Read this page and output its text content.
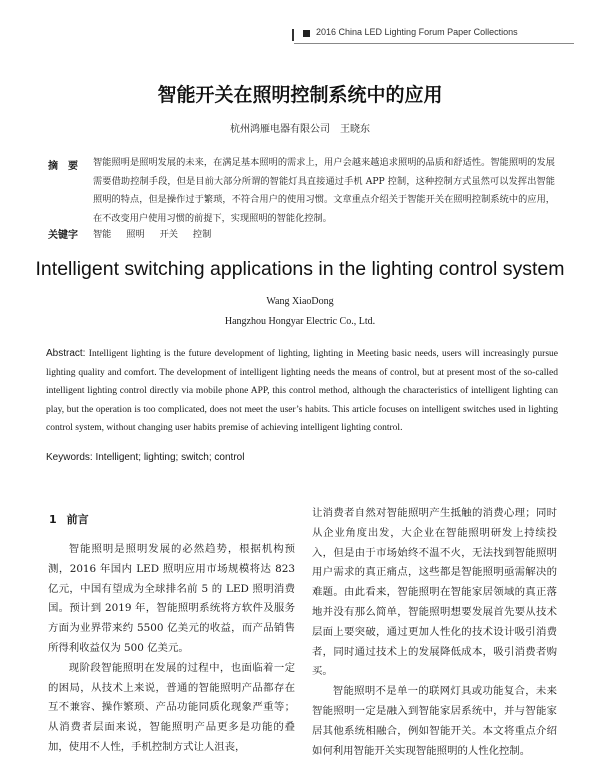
2016 China LED Lighting Forum Paper Collections
智能开关在照明控制系统中的应用
杭州鸿雁电器有限公司　王晓东
摘　要 智能照明是照明发展的未来，在满足基本照明的需求上，用户会越来越追求照明的品质和舒适性。智能照明的发展需要借助控制手段，但是目前大部分所谓的智能灯具直接通过手机 APP 控制，这种控制方式虽然可以发挥出智能照明的特点，但是操作过于繁琐，不符合用户的使用习惯。文章重点介绍关于智能开关在照明控制系统中的应用，在不改变用户使用习惯的前提下，实现照明的智能化控制。
关键字 智能 照明 开关 控制
Intelligent switching applications in the lighting control system
Wang XiaoDong
Hangzhou Hongyar Electric Co., Ltd.
Abstract: Intelligent lighting is the future development of lighting, lighting in Meeting basic needs, users will increasingly pursue lighting quality and comfort. The development of intelligent lighting needs the means of control, but at present most of the so-called intelligent lighting control directly via mobile phone APP, this control method, although the characteristics of intelligent lighting can play, but the operation is too complicated, does not meet the user’s habits. This article focuses on intelligent switches used in lighting control system, without changing user habits premise of achieving intelligent lighting control.
Keywords: Intelligent; lighting; switch; control
1 前言

智能照明是照明发展的必然趋势，根据机构预测，2016 年国内 LED 照明应用市场规模将达 823 亿元，中国有望成为全球排名前 5 的 LED 照明消费国。预计到 2019 年，智能照明系统将方软件及服务方面为业界带来约 5500 亿美元的收益，而产品销售所得利收益仅为 500 亿美元。

现阶段智能照明在发展的过程中，也面临着一定的困局，从技术上来说，普通的智能照明产品都存在互不兼容、操作繁琐、产品功能同质化现象严重等；从消费者层面来说，智能照明产品更多是功能的叠加，使用不人性，手机控制方式让人沮丧，

让消费者自然对智能照明产生抵触的消费心理；同时从企业角度出发，大企业在智能照明研发上持续投入，但是由于市场始终不温不火，无法找到智能照明用户需求的真正痛点，这些都是智能照明亟需解决的难题。由此看来，智能照明在智能家居领域的真正落地并没有那么简单，智能照明想要发展首先要从技术层面上要突破，通过更加人性化的技术设计吸引消费者，同时通过技术上的发展降低成本，吸引消费者购买。

智能照明不是单一的联网灯具或功能复合，未来智能照明一定是融入到智能家居系统中，并与智能家居其他系统相融合，例如智能开关。本文将重点介绍如何利用智能开关实现智能照明的人性化控制。
